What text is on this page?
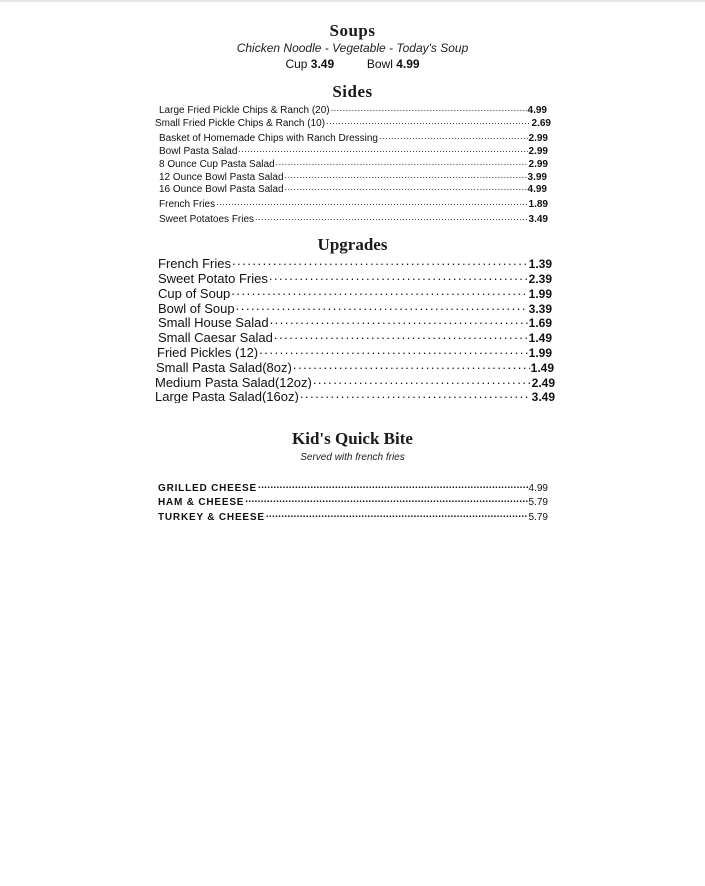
Soups
Chicken Noodle - Vegetable - Today's Soup
Cup 3.49	Bowl 4.99
Sides
Large Fried Pickle Chips & Ranch (20) .....	4.99
Small Fried Pickle Chips & Ranch (10) .....	2.69
Basket of Homemade Chips with Ranch Dressing .....	2.99
Bowl Pasta Salad .....	2.99
8 Ounce Cup Pasta Salad .....	2.99
12 Ounce Bowl Pasta Salad .....	3.99
16 Ounce Bowl Pasta Salad .....	4.99
French Fries .....	1.89
Sweet Potatoes Fries .....	3.49
Upgrades
French Fries .....	1.39
Sweet Potato Fries .....	2.39
Cup of Soup .....	1.99
Bowl of Soup .....	3.39
Small House Salad .....	1.69
Small Caesar Salad .....	1.49
Fried Pickles (12) .....	1.99
Small Pasta Salad(8oz) .....	1.49
Medium Pasta Salad(12oz) .....	2.49
Large Pasta Salad(16oz) .....	3.49
Kid's Quick Bite
Served with french fries
GRILLED CHEESE .....	4.99
HAM & CHEESE .....	5.79
TURKEY & CHEESE .....	5.79
